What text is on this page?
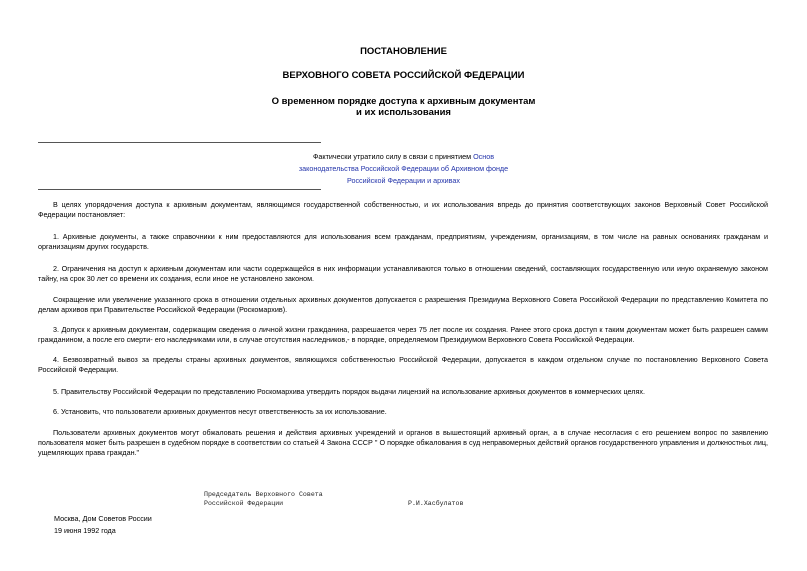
ПОСТАНОВЛЕНИЕ
ВЕРХОВНОГО СОВЕТА РОССИЙСКОЙ ФЕДЕРАЦИИ
О временном порядке доступа к архивным документам
и их использования
Фактически утратило силу в связи с принятием Основ
законодательства Российской Федерации об Архивном фонде
Российской Федерации и архивах

В целях упорядочения доступа к архивным документам, являющимся государственной собственностью, и их использования впредь до принятия соответствующих законов Верховный Совет Российской Федерации постановляет:

1. Архивные документы, а также справочники к ним предоставляются для использования всем гражданам, предприятиям, учреждениям, организациям, в том числе на равных основаниях гражданам и организациям других государств.

2. Ограничения на доступ к архивным документам или части содержащейся в них информации устанавливаются только в отношении сведений, составляющих государственную или иную охраняемую законом тайну, на срок 30 лет со времени их создания, если иное не установлено законом.

Сокращение или увеличение указанного срока в отношении отдельных архивных документов допускается с разрешения Президиума Верховного Совета Российской Федерации по представлению Комитета по делам архивов при Правительстве Российской Федерации (Роскомархив).

3. Допуск к архивным документам, содержащим сведения о личной жизни гражданина, разрешается через 75 лет после их создания. Ранее этого срока доступ к таким документам может быть разрешен самим гражданином, а после его смерти- его наследниками или, в случае отсутствия наследников,- в порядке, определяемом Президиумом Верховного Совета Российской Федерации.

4. Безвозвратный вывоз за пределы страны архивных документов, являющихся собственностью Российской Федерации, допускается в каждом отдельном случае по постановлению Верховного Совета Российской Федерации.

5. Правительству Российской Федерации по представлению Роскомархива утвердить порядок выдачи лицензий на использование архивных документов в коммерческих целях.

6. Установить, что пользователи архивных документов несут ответственность за их использование.

Пользователи архивных документов могут обжаловать решения и действия архивных учреждений и органов в вышестоящий архивный орган, а в случае несогласия с его решением вопрос по заявлению пользователя может быть разрешен в судебном порядке в соответствии со статьей 4 Закона СССР " О порядке обжалования в суд неправомерных действий органов государственного управления и должностных лиц, ущемляющих права граждан."

Председатель Верховного Совета
Российской Федерации	Р.И.Хасбулатов
Москва, Дом Советов России
19 июня 1992 года
